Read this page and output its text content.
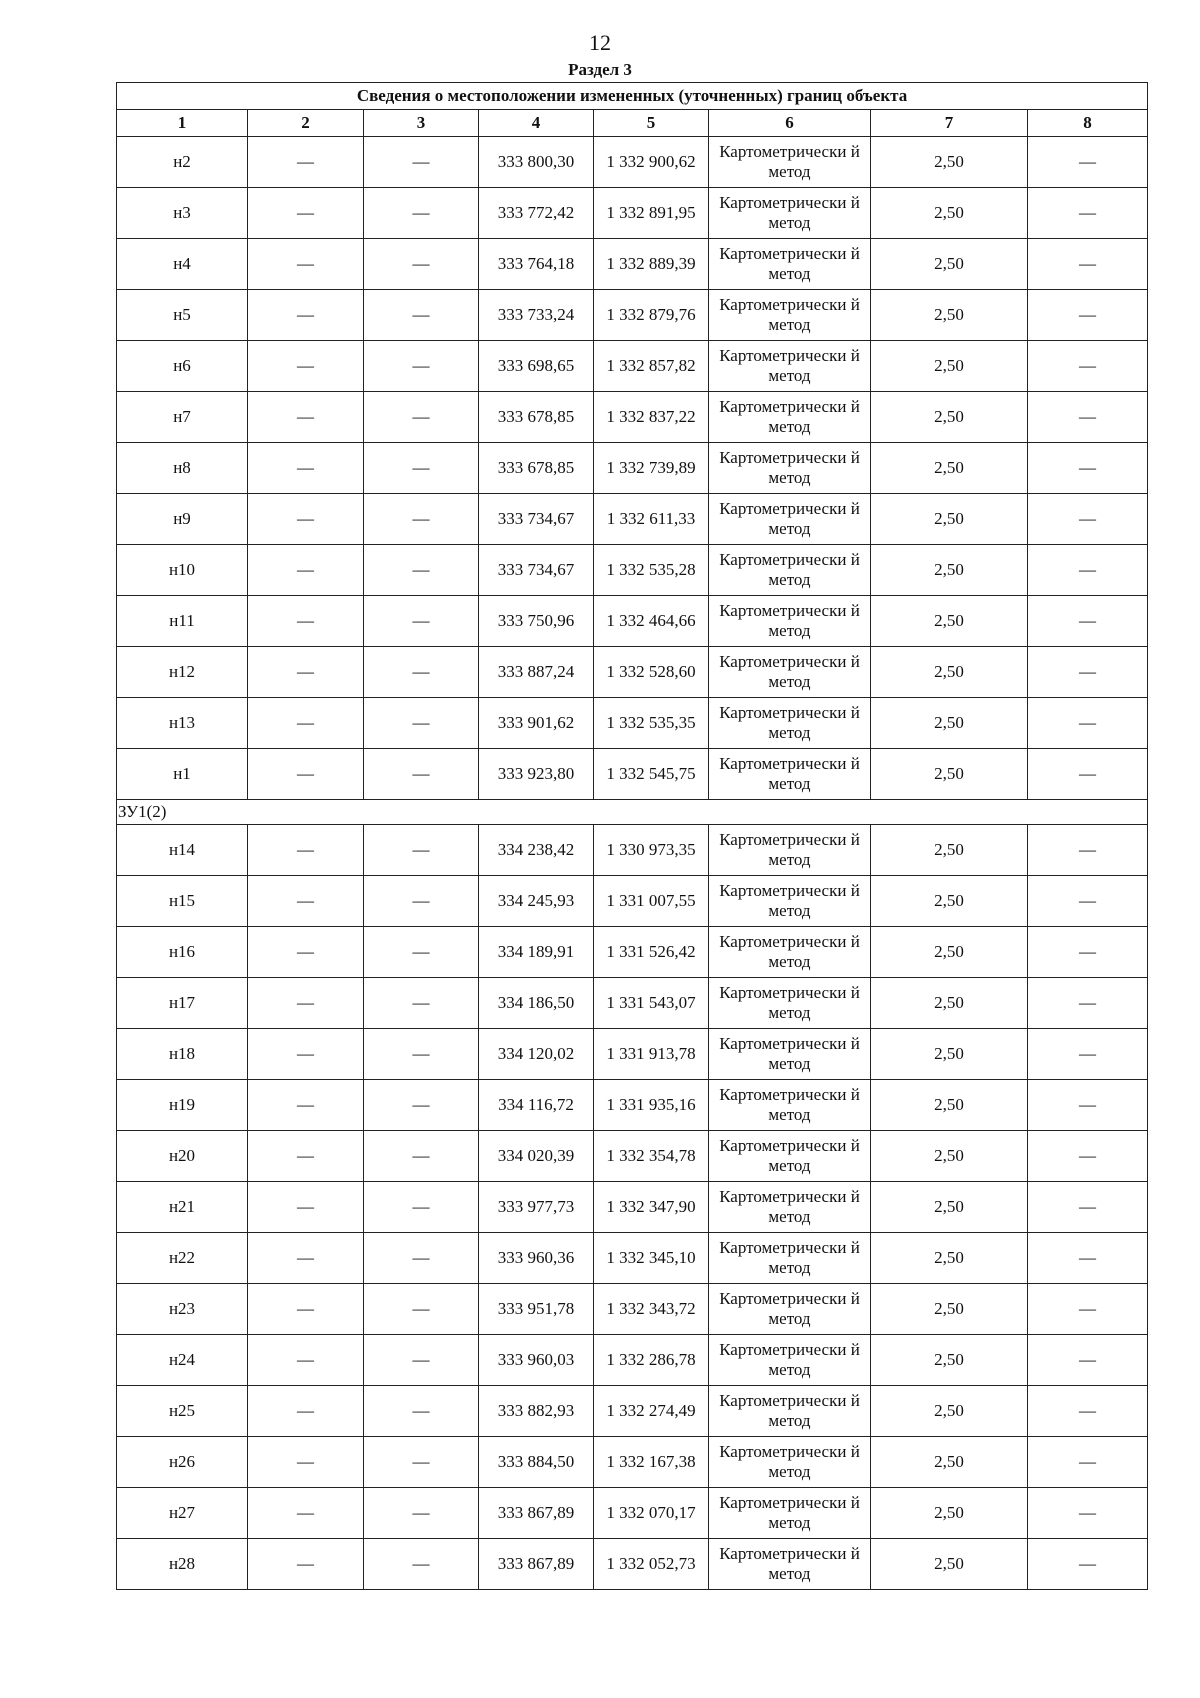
12
Раздел 3
Сведения о местоположении измененных (уточненных) границ объекта							
1	2	3	4	5	6	7	8
н2	—	—	333 800,30	1 332 900,62	Картометрически й метод	2,50	—
н3	—	—	333 772,42	1 332 891,95	Картометрически й метод	2,50	—
н4	—	—	333 764,18	1 332 889,39	Картометрически й метод	2,50	—
н5	—	—	333 733,24	1 332 879,76	Картометрически й метод	2,50	—
н6	—	—	333 698,65	1 332 857,82	Картометрически й метод	2,50	—
н7	—	—	333 678,85	1 332 837,22	Картометрически й метод	2,50	—
н8	—	—	333 678,85	1 332 739,89	Картометрически й метод	2,50	—
н9	—	—	333 734,67	1 332 611,33	Картометрически й метод	2,50	—
н10	—	—	333 734,67	1 332 535,28	Картометрически й метод	2,50	—
н11	—	—	333 750,96	1 332 464,66	Картометрически й метод	2,50	—
н12	—	—	333 887,24	1 332 528,60	Картометрически й метод	2,50	—
н13	—	—	333 901,62	1 332 535,35	Картометрически й метод	2,50	—
н1	—	—	333 923,80	1 332 545,75	Картометрически й метод	2,50	—
ЗУ1(2)							
н14	—	—	334 238,42	1 330 973,35	Картометрически й метод	2,50	—
н15	—	—	334 245,93	1 331 007,55	Картометрически й метод	2,50	—
н16	—	—	334 189,91	1 331 526,42	Картометрически й метод	2,50	—
н17	—	—	334 186,50	1 331 543,07	Картометрически й метод	2,50	—
н18	—	—	334 120,02	1 331 913,78	Картометрически й метод	2,50	—
н19	—	—	334 116,72	1 331 935,16	Картометрически й метод	2,50	—
н20	—	—	334 020,39	1 332 354,78	Картометрически й метод	2,50	—
н21	—	—	333 977,73	1 332 347,90	Картометрически й метод	2,50	—
н22	—	—	333 960,36	1 332 345,10	Картометрически й метод	2,50	—
н23	—	—	333 951,78	1 332 343,72	Картометрически й метод	2,50	—
н24	—	—	333 960,03	1 332 286,78	Картометрически й метод	2,50	—
н25	—	—	333 882,93	1 332 274,49	Картометрически й метод	2,50	—
н26	—	—	333 884,50	1 332 167,38	Картометрически й метод	2,50	—
н27	—	—	333 867,89	1 332 070,17	Картометрически й метод	2,50	—
н28	—	—	333 867,89	1 332 052,73	Картометрически й метод	2,50	—
